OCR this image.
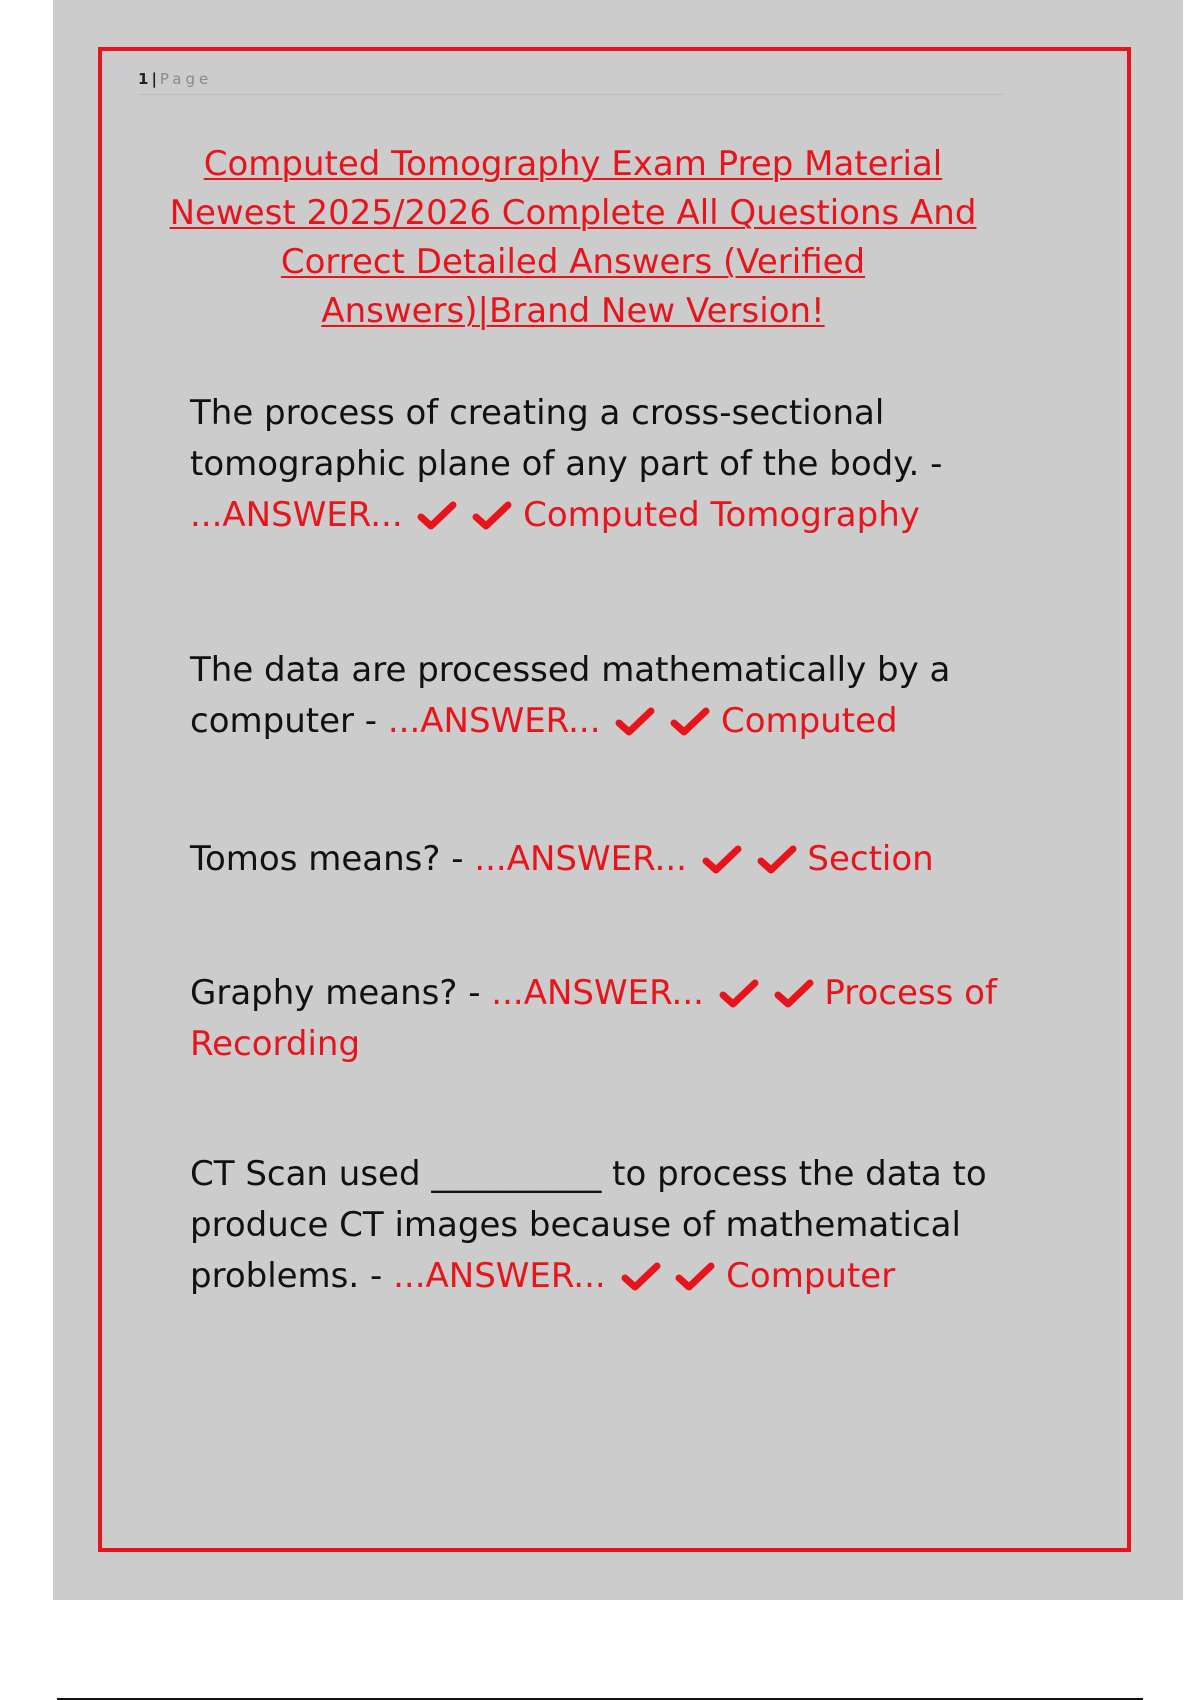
1 | Page
Computed Tomography Exam Prep Material
Newest 2025/2026 Complete All Questions And
Correct Detailed Answers (Verified
Answers)|Brand New Version!

The process of creating a cross-sectional
tomographic plane of any part of the body. -
...ANSWER...
	Computed Tomography

The data are processed mathematically by a
computer - ...ANSWER...
	Computed

Tomos means? - ...ANSWER...
	Section

Graphy means? - ...ANSWER...
	Process of Recording

CT Scan used __________ to process the data to
produce CT images because of mathematical
problems. - ...ANSWER...
	Computer
